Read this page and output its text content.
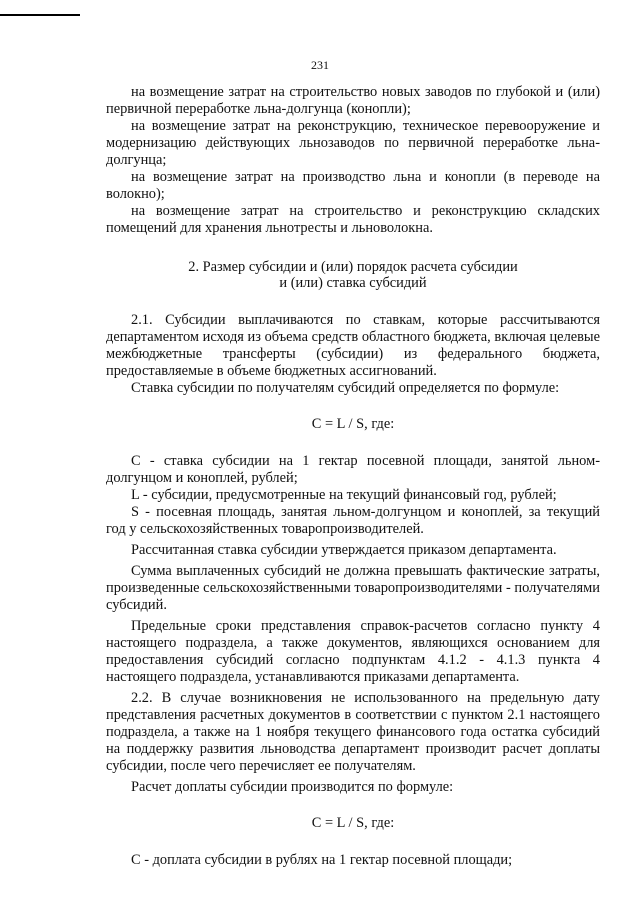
231

на возмещение затрат на строительство новых заводов по глубокой и (или) первичной переработке льна-долгунца (конопли);

на возмещение затрат на реконструкцию, техническое перевооружение и модернизацию действующих льнозаводов по первичной переработке льна-долгунца;

на возмещение затрат на производство льна и конопли (в переводе на волокно);

на возмещение затрат на строительство и реконструкцию складских помещений для хранения льнотресты и льноволокна.

2. Размер субсидии и (или) порядок расчета субсидии
и (или) ставка субсидий

2.1. Субсидии выплачиваются по ставкам, которые рассчитываются департаментом исходя из объема средств областного бюджета, включая целевые межбюджетные трансферты (субсидии) из федерального бюджета, предоставляемые в объеме бюджетных ассигнований.

Ставка субсидии по получателям субсидий определяется по формуле:

C = L / S, где:

С - ставка субсидии на 1 гектар посевной площади, занятой льном-долгунцом и коноплей, рублей;

L - субсидии, предусмотренные на текущий финансовый год, рублей;

S - посевная площадь, занятая льном-долгунцом и коноплей, за текущий год у сельскохозяйственных товаропроизводителей.

Рассчитанная ставка субсидии утверждается приказом департамента.

Сумма выплаченных субсидий не должна превышать фактические затраты, произведенные сельскохозяйственными товаропроизводителями - получателями субсидий.

Предельные сроки представления справок-расчетов согласно пункту 4 настоящего подраздела, а также документов, являющихся основанием для предоставления субсидий согласно подпунктам 4.1.2 - 4.1.3 пункта 4 настоящего подраздела, устанавливаются приказами департамента.

2.2. В случае возникновения не использованного на предельную дату представления расчетных документов в соответствии с пунктом 2.1 настоящего подраздела, а также на 1 ноября текущего финансового года остатка субсидий на поддержку развития льноводства департамент производит расчет доплаты субсидии, после чего перечисляет ее получателям.

Расчет доплаты субсидии производится по формуле:

C = L / S, где:

С - доплата субсидии в рублях на 1 гектар посевной площади;
